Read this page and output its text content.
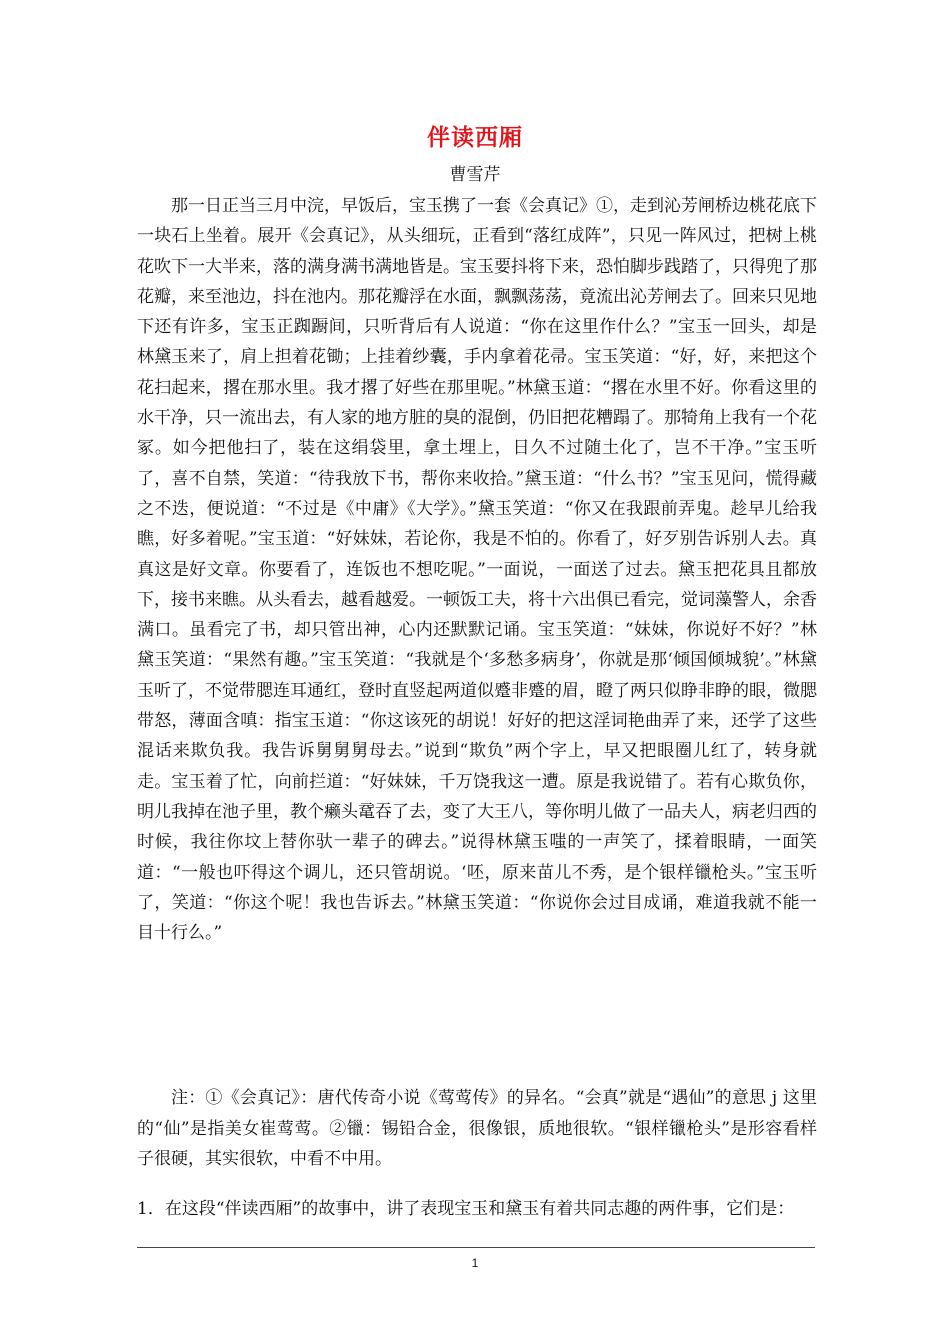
伴读西厢
曹雪芹

那一日正当三月中浣，早饭后，宝玉携了一套《会真记》①，走到沁芳闸桥边桃花底下一块石上坐着。展开《会真记》，从头细玩，正看到“落红成阵”，只见一阵风过，把树上桃花吹下一大半来，落的满身满书满地皆是。宝玉要抖将下来，恐怕脚步践踏了，只得兜了那花瓣，来至池边，抖在池内。那花瓣浮在水面，飘飘荡荡，竟流出沁芳闸去了。回来只见地下还有许多，宝玉正踟蹰间，只听背后有人说道：“你在这里作什么？”宝玉一回头，却是林黛玉来了，肩上担着花锄；上挂着纱囊，手内拿着花帚。宝玉笑道：“好，好，来把这个花扫起来，撂在那水里。我才撂了好些在那里呢。”林黛玉道：“撂在水里不好。你看这里的水干净，只一流出去，有人家的地方脏的臭的混倒，仍旧把花糟蹋了。那犄角上我有一个花冢。如今把他扫了，装在这绢袋里，拿土埋上，日久不过随土化了，岂不干净。”宝玉听了，喜不自禁，笑道：“待我放下书，帮你来收拾。”黛玉道：“什么书？”宝玉见问，慌得藏之不迭，便说道：“不过是《中庸》《大学》。”黛玉笑道：“你又在我跟前弄鬼。趁早儿给我瞧，好多着呢。”宝玉道：“好妹妹，若论你，我是不怕的。你看了，好歹别告诉别人去。真真这是好文章。你要看了，连饭也不想吃呢。”一面说，一面送了过去。黛玉把花具且都放下，接书来瞧。从头看去，越看越爱。一顿饭工夫，将十六出俱已看完，觉词藻警人，余香满口。虽看完了书，却只管出神，心内还默默记诵。宝玉笑道：“妹妹，你说好不好？”林黛玉笑道：“果然有趣。”宝玉笑道：“我就是个‘多愁多病身’，你就是那‘倾国倾城貌’。”林黛玉听了，不觉带腮连耳通红，登时直竖起两道似蹙非蹙的眉，瞪了两只似睁非睁的眼，微腮带怒，薄面含嗔：指宝玉道：“你这该死的胡说！好好的把这淫词艳曲弄了来，还学了这些混话来欺负我。我告诉舅舅舅母去。”说到“欺负”两个字上，早又把眼圈儿红了，转身就走。宝玉着了忙，向前拦道：“好妹妹，千万饶我这一遭。原是我说错了。若有心欺负你，明儿我掉在池子里，教个癞头鼋吞了去，变了大王八，等你明儿做了一品夫人，病老归西的时候，我往你坟上替你驮一辈子的碑去。”说得林黛玉嗤的一声笑了，揉着眼睛，一面笑道：“一般也吓得这个调儿，还只管胡说。‘呸，原来苗儿不秀，是个银样镴枪头。”宝玉听了，笑道：“你这个呢！我也告诉去。”林黛玉笑道：“你说你会过目成诵，难道我就不能一目十行么。”

注：①《会真记》：唐代传奇小说《莺莺传》的异名。“会真”就是“遇仙”的意思 j 这里的“仙”是指美女崔莺莺。②镴：锡铅合金，很像银，质地很软。“银样镴枪头”是形容看样子很硬，其实很软，中看不中用。

1．在这段“伴读西厢”的故事中，讲了表现宝玉和黛玉有着共同志趣的两件事，它们是：
1
